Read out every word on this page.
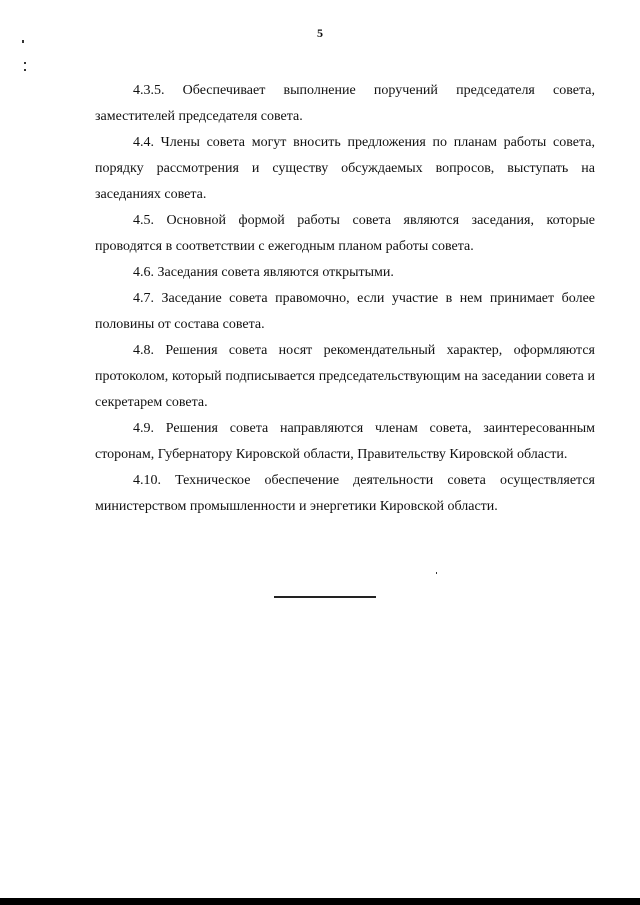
5

4.3.5. Обеспечивает выполнение поручений председателя совета, заместителей председателя совета.

4.4. Члены совета могут вносить предложения по планам работы совета, порядку рассмотрения и существу обсуждаемых вопросов, выступать на заседаниях совета.

4.5. Основной формой работы совета являются заседания, которые проводятся в соответствии с ежегодным планом работы совета.

4.6. Заседания совета являются открытыми.

4.7. Заседание совета правомочно, если участие в нем принимает более половины от состава совета.

4.8. Решения совета носят рекомендательный характер, оформляются протоколом, который подписывается председательствующим на заседании совета и секретарем совета.

4.9. Решения совета направляются членам совета, заинтересованным сторонам, Губернатору Кировской области, Правительству Кировской области.

4.10. Техническое обеспечение деятельности совета осуществляется министерством промышленности и энергетики Кировской области.
